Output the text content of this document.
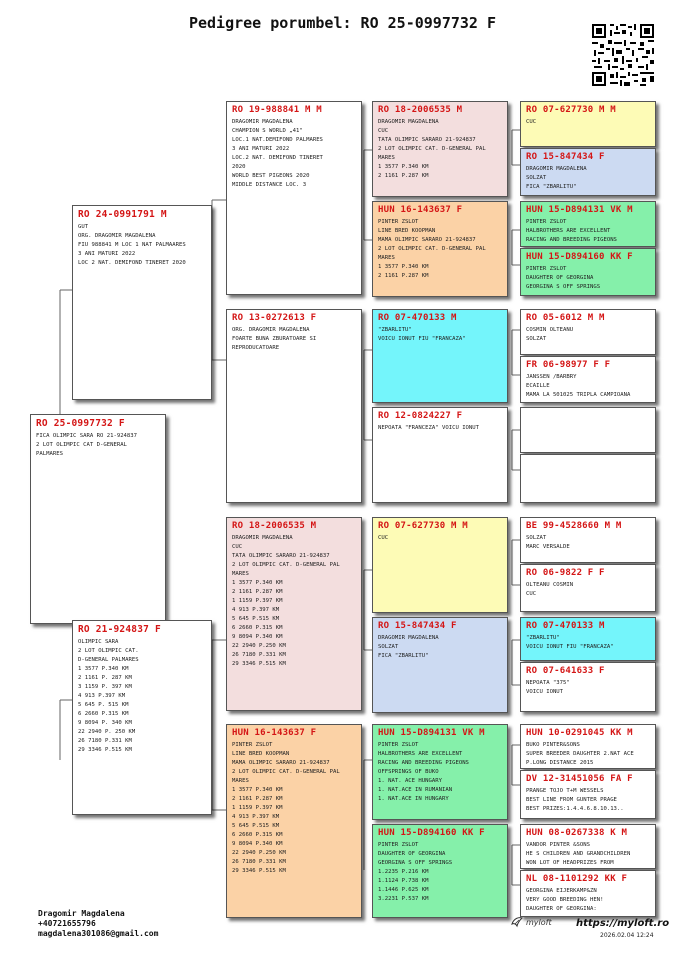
Pedigree porumbel: RO 25-0997732 F
RO 25-0997732 F
FICA OLIMPIC SARA RO 21-924837
2 LOT OLIMPIC CAT D-GENERAL
PALMARES
RO 24-0991791 M
GUT
ORG. DRAGOMIR MAGDALENA
FIU 988841 M LOC 1 NAT PALMAARES
3 ANI MATURI 2022
LOC 2 NAT. DEMIFOND TINERET 2020
RO 21-924837 F
OLIMPIC SARA
2 LOT OLIMPIC CAT.
D-GENERAL PALMARES
1 3577 P.340 KM
2 1161 P. 287 KM
3 1159 P. 397 KM
4 913 P.397 KM
5 645 P. 515 KM
6 2660 P.315 KM
9 8094 P. 340 KM
22 2940 P. 250 KM
26 7180 P.331 KM
29 3346 P.515 KM
RO 19-988841 M M
DRAGOMIR MAGDALENA
CHAMPION S WORLD „41"
LOC.1 NAT.DEMIFOND PALMARES
3 ANI MATURI 2022
LOC.2 NAT. DEMIFOND TINERET
2020
WORLD BEST PIGEONS 2020
MIDDLE DISTANCE LOC. 3
RO 13-0272613 F
ORG. DRAGOMIR MAGDALENA
FOARTE BUNA ZBURATOARE SI
REPRODUCATOARE
RO 18-2006535 M
DRAGOMIR MAGDALENA
CUC
TATA OLIMPIC SARARO 21-924837
2 LOT OLIMPIC CAT. D-GENERAL PAL
MARES
1 3577 P.340 KM
2 1161 P.287 KM
1 1159 P.397 KM
4 913 P.397 KM
5 645 P.515 KM
6 2660 P.315 KM
9 8094 P.340 KM
22 2940 P.250 KM
26 7180 P.331 KM
29 3346 P.515 KM
HUN 16-143637 F
PINTER ZSLOT
LINE BRED KOOPMAN
MAMA OLIMPIC SARARO 21-924837
2 LOT OLIMPIC CAT. D-GENERAL PAL
MARES
1 3577 P.340 KM
2 1161 P.287 KM
1 1159 P.397 KM
4 913 P.397 KM
5 645 P.515 KM
6 2660 P.315 KM
9 8094 P.340 KM
22 2940 P.250 KM
26 7180 P.331 KM
29 3346 P.515 KM
RO 18-2006535 M
DRAGOMIR MAGDALENA
CUC
TATA OLIMPIC SARARO 21-924837
2 LOT OLIMPIC CAT. D-GENERAL PAL
MARES
1 3577 P.340 KM
2 1161 P.287 KM
HUN 16-143637 F
PINTER ZSLOT
LINE BRED KOOPMAN
MAMA OLIMPIC SARARO 21-924837
2 LOT OLIMPIC CAT. D-GENERAL PAL
MARES
1 3577 P.340 KM
2 1161 P.287 KM
RO 07-470133 M
"ZBARLITU"
VOICU IONUT FIU "FRANCAZA"
RO 12-0824227 F
NEPOATA "FRANCEZA" VOICU IONUT
RO 07-627730 M M
CUC
RO 15-847434 F
DRAGOMIR MAGDALENA
SOLZAT
FICA "ZBARLITU"
HUN 15-D894131 VK M
PINTER ZSLOT
HALBROTHERS ARE EXCELLENT
RACING AND BREEDING PIGEONS
OFFSPRINGS OF BUKO
1. NAT. ACE HUNGARY
1. NAT.ACE IN RUMANIAN
1. NAT.ACE IN HUNGARY
HUN 15-D894160 KK F
PINTER ZSLOT
DAUGHTER OF GEORGINA
GEORGINA S OFF SPRINGS
1.2235 P.216 KM
1.1124 P.738 KM
1.1446 P.625 KM
3.2231 P.537 KM
RO 07-627730 M M
CUC
RO 15-847434 F
DRAGOMIR MAGDALENA
SOLZAT
FICA "ZBARLITU"
HUN 15-D894131 VK M
PINTER ZSLOT
HALBROTHERS ARE EXCELLENT
RACING AND BREEDING PIGEONS
HUN 15-D894160 KK F
PINTER ZSLOT
DAUGHTER OF GEORGINA
GEORGINA S OFF SPRINGS
RO 05-6012 M M
COSMIN OLTEANU
SOLZAT
FR 06-98977 F F
JANSSEN /BARBRY
ECAILLE
MAMA LA 501025 TRIPLA CAMPIOANA
BE 99-4528660 M M
SOLZAT
MARC VERSALDE
RO 06-9822 F F
OLTEANU COSMIN
CUC
RO 07-470133 M
"ZBARLITU"
VOICU IONUT FIU "FRANCAZA"
RO 07-641633 F
NEPOATA "375"
VOICU IONUT
HUN 10-0291045 KK M
BUKO PINTER&SONS
SUPER BREEDER DAUGHTER 2.NAT ACE
P.LONG DISTANCE 2015
DV 12-31451056 FA F
PRANGE TOJO T+M WESSELS
BEST LINE FROM GUNTER PRAGE
BEST PRIZES:1.4.4.6.8.10.13..
HUN 08-0267338 K M
VANDOR PINTER &SONS
HE S CHILDREN AND GRANDCHILDREN
WON LOT OF HEADPRIZES FROM
NL 08-1101292 KK F
GEORGINA EIJERKAMP&ZN
VERY GOOD BREEDING HEN!
DAUGHTER OF GEORGINA:
Dragomir Magdalena
+40721655796
magdalena301086@gmail.com
myloft https://myloft.ro
2026.02.04 12:24
